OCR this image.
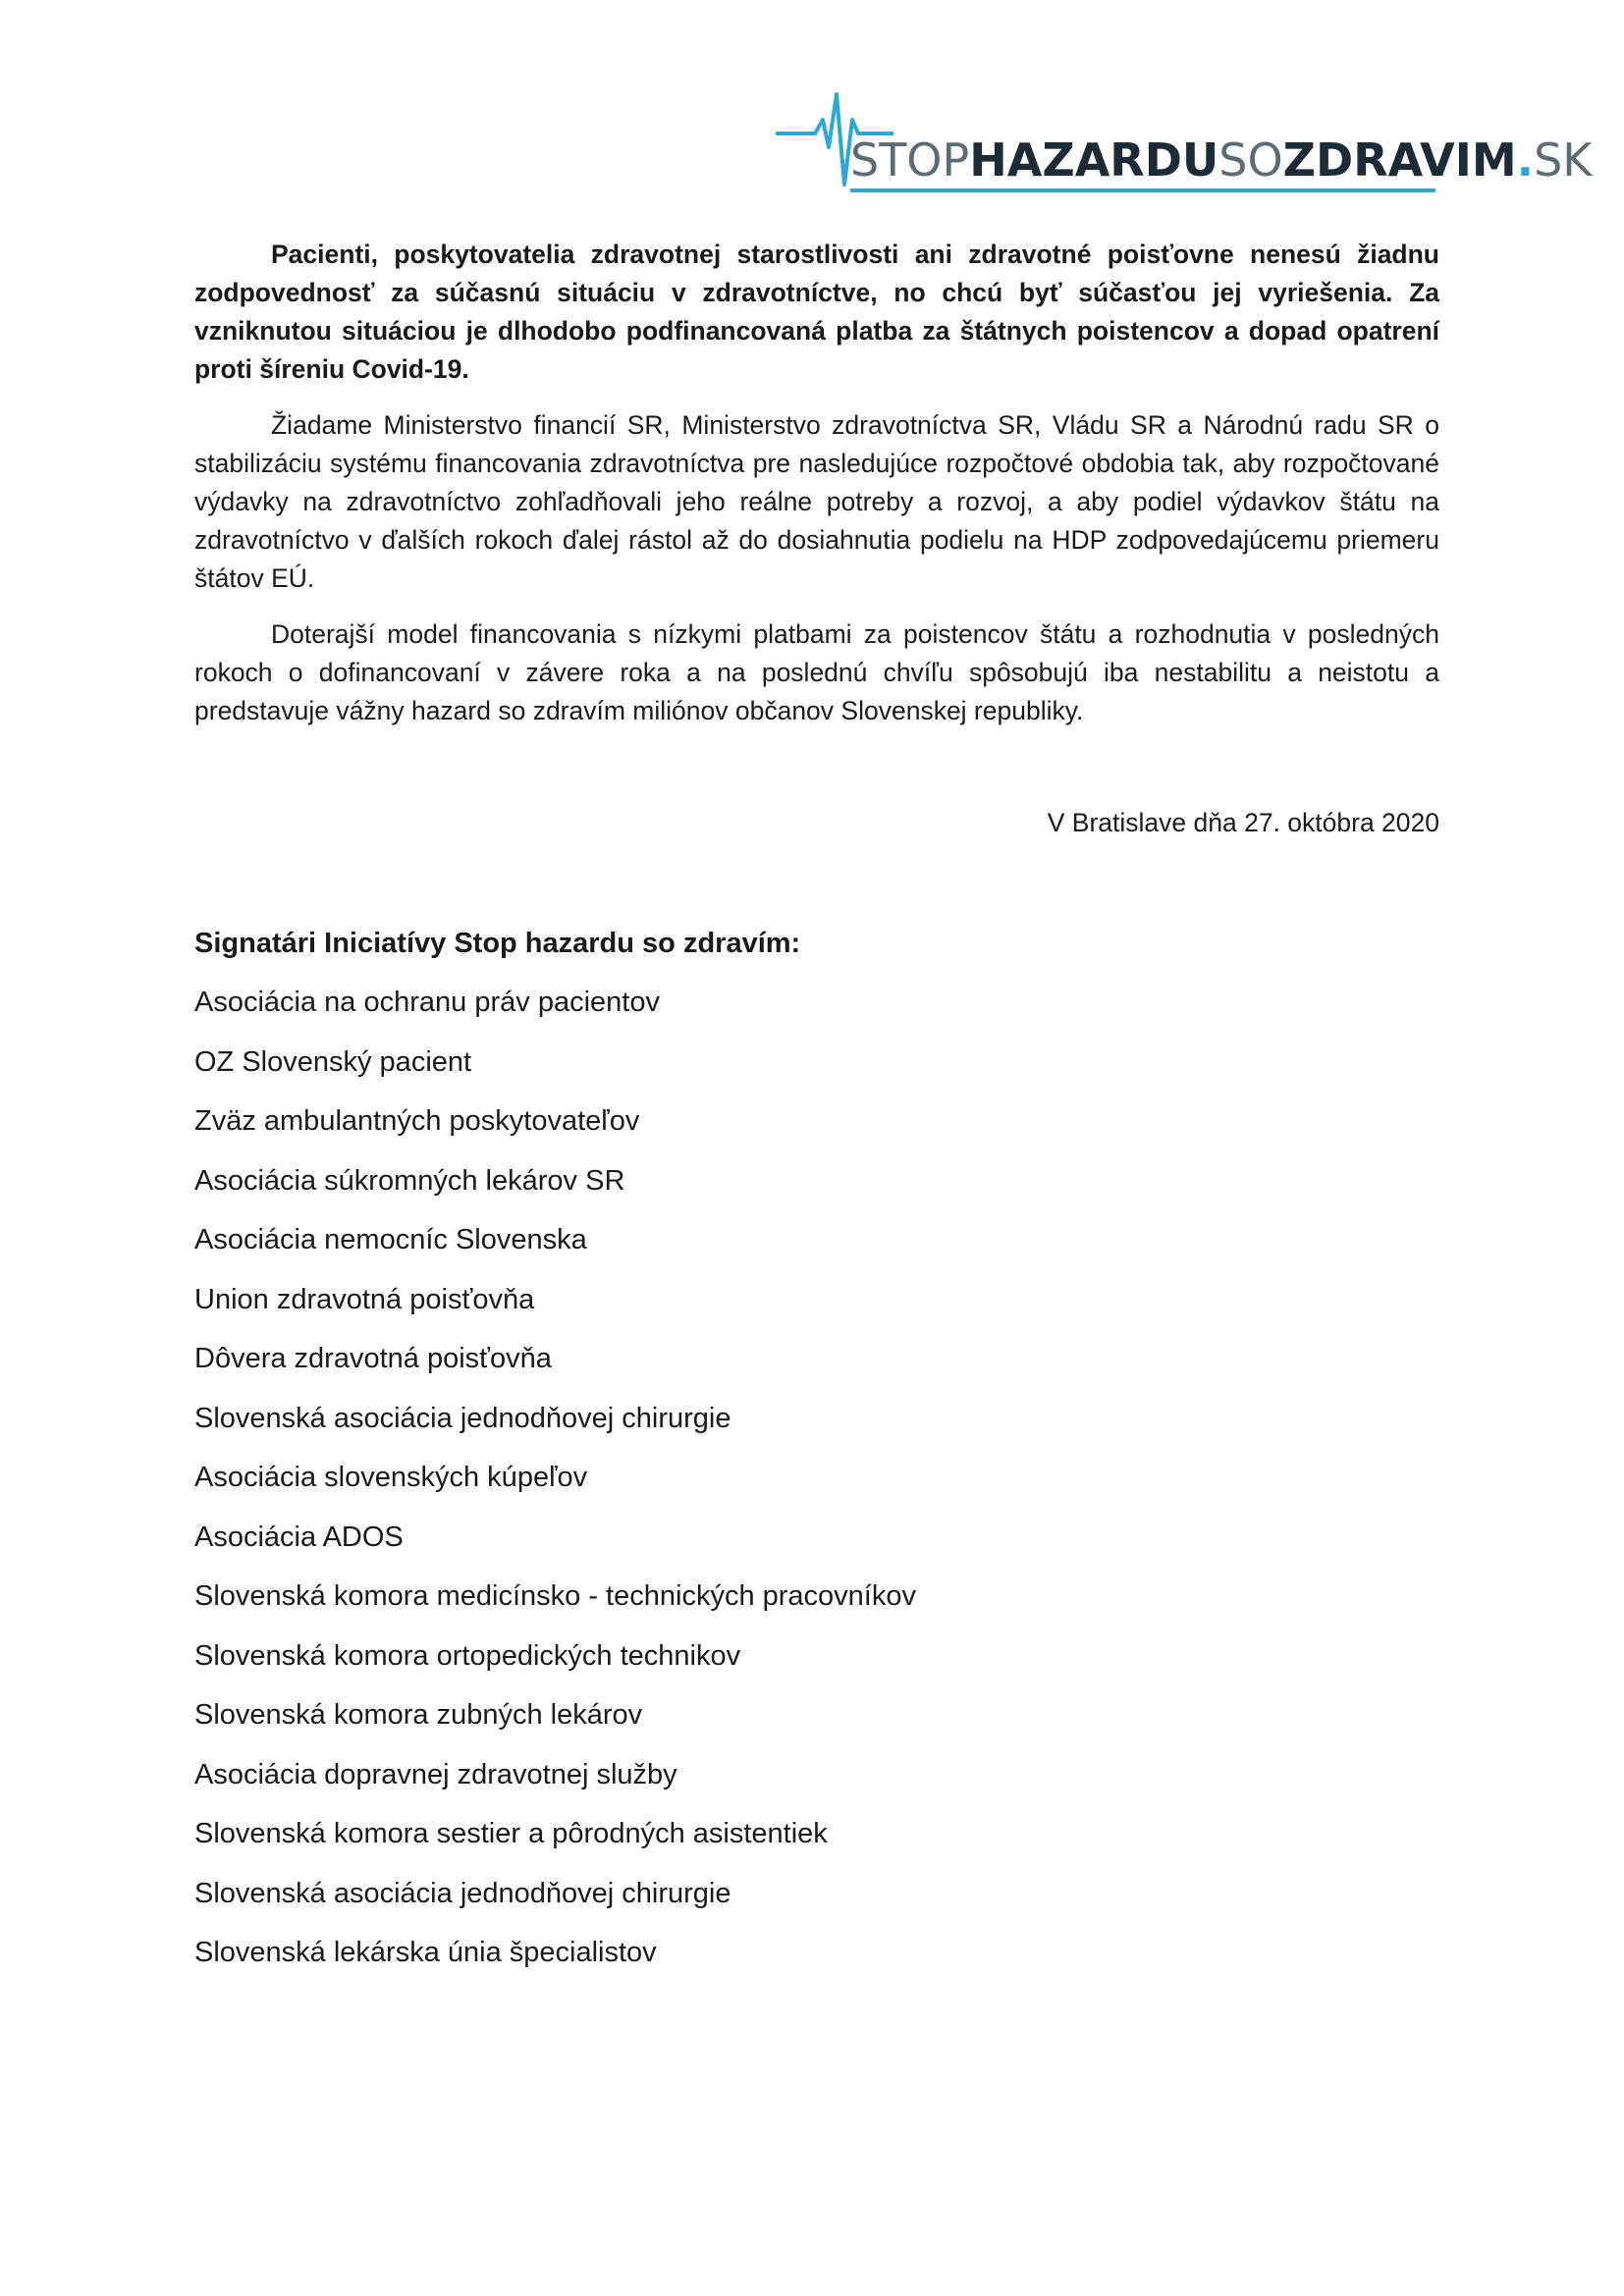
STOPHAZARDUSOZDRAVIM.SK

Pacienti, poskytovatelia zdravotnej starostlivosti ani zdravotné poisťovne nenesú žiadnu zodpovednosť za súčasnú situáciu v zdravotníctve, no chcú byť súčasťou jej vyriešenia. Za vzniknutou situáciou je dlhodobo podfinancovaná platba za štátnych poistencov a dopad opatrení proti šíreniu Covid-19.

Žiadame Ministerstvo financií SR, Ministerstvo zdravotníctva SR, Vládu SR a Národnú radu SR o stabilizáciu systému financovania zdravotníctva pre nasledujúce rozpočtové obdobia tak, aby rozpočtované výdavky na zdravotníctvo zohľadňovali jeho reálne potreby a rozvoj, a aby podiel výdavkov štátu na zdravotníctvo v ďalších rokoch ďalej rástol až do dosiahnutia podielu na HDP zodpovedajúcemu priemeru štátov EÚ.

Doterajší model financovania s nízkymi platbami za poistencov štátu a rozhodnutia v posledných rokoch o dofinancovaní v závere roka a na poslednú chvíľu spôsobujú iba nestabilitu a neistotu a predstavuje vážny hazard so zdravím miliónov občanov Slovenskej republiky.

V Bratislave dňa 27. októbra 2020
Signatári Iniciatívy Stop hazardu so zdravím:
Asociácia na ochranu práv pacientov
OZ Slovenský pacient
Zväz ambulantných poskytovateľov
Asociácia súkromných lekárov SR
Asociácia nemocníc Slovenska
Union zdravotná poisťovňa
Dôvera zdravotná poisťovňa
Slovenská asociácia jednodňovej chirurgie
Asociácia slovenských kúpeľov
Asociácia ADOS
Slovenská komora medicínsko - technických pracovníkov
Slovenská komora ortopedických technikov
Slovenská komora zubných lekárov
Asociácia dopravnej zdravotnej služby
Slovenská komora sestier a pôrodných asistentiek
Slovenská asociácia jednodňovej chirurgie
Slovenská lekárska únia špecialistov
